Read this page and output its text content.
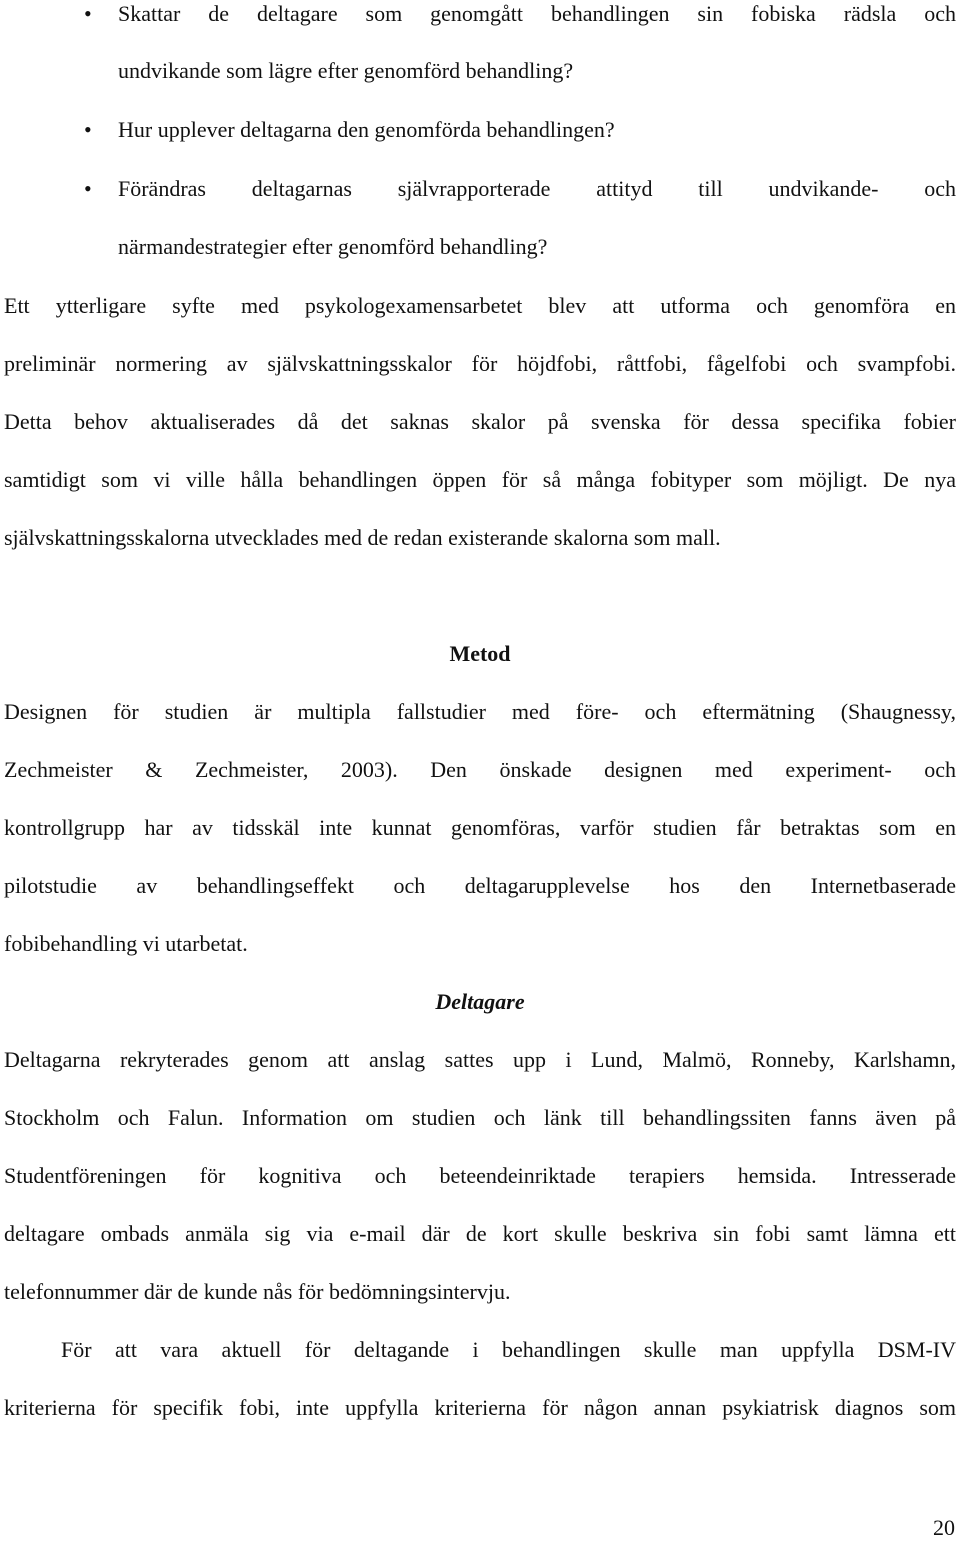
• Skattar de deltagare som genomgått behandlingen sin fobiska rädsla och
undvikande som lägre efter genomförd behandling?
• Hur upplever deltagarna den genomförda behandlingen?
• Förändras deltagarnas självrapporterade attityd till undvikande- och
närmandestrategier efter genomförd behandling?
Ett ytterligare syfte med psykologexamensarbetet blev att utforma och genomföra en
preliminär normering av självskattningsskalor för höjdfobi, råttfobi, fågelfobi och svampfobi.
Detta behov aktualiserades då det saknas skalor på svenska för dessa specifika fobier
samtidigt som vi ville hålla behandlingen öppen för så många fobityper som möjligt. De nya
självskattningsskalorna utvecklades med de redan existerande skalorna som mall.
Metod
Designen för studien är multipla fallstudier med före- och eftermätning (Shaugnessy,
Zechmeister & Zechmeister, 2003). Den önskade designen med experiment- och
kontrollgrupp har av tidsskäl inte kunnat genomföras, varför studien får betraktas som en
pilotstudie av behandlingseffekt och deltagarupplevelse hos den Internetbaserade
fobibehandling vi utarbetat.
Deltagare
Deltagarna rekryterades genom att anslag sattes upp i Lund, Malmö, Ronneby, Karlshamn,
Stockholm och Falun. Information om studien och länk till behandlingssiten fanns även på
Studentföreningen för kognitiva och beteendeinriktade terapiers hemsida. Intresserade
deltagare ombads anmäla sig via e-mail där de kort skulle beskriva sin fobi samt lämna ett
telefonnummer där de kunde nås för bedömningsintervju.
För att vara aktuell för deltagande i behandlingen skulle man uppfylla DSM-IV
kriterierna för specifik fobi, inte uppfylla kriterierna för någon annan psykiatrisk diagnos som
20
